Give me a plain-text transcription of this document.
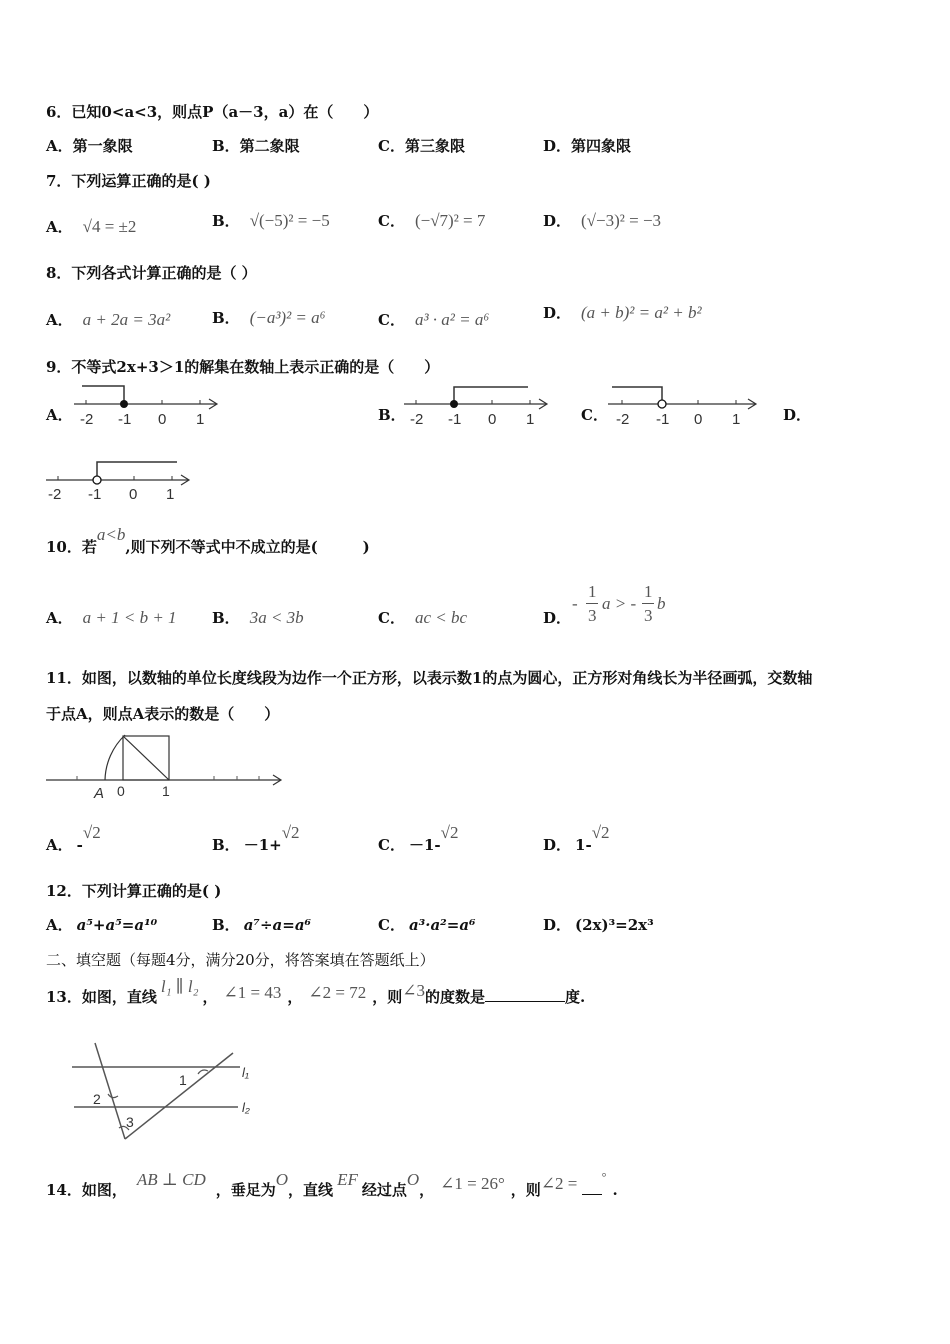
6．已知0<a<3，则点P（a－3，a）在（　　）
A．第一象限	B．第二象限	C．第三象限	D．第四象限
7．下列运算正确的是( )
A． √4 = ±2	B． √(−5)² = −5	C． (−√7)² = 7	D． (√−3)² = −3
8．下列各式计算正确的是（ ）
A． a + 2a = 3a²	B． (−a³)² = a⁶	C． a³ · a² = a⁶	D． (a + b)² = a² + b²
9．不等式2x+3＞1的解集在数轴上表示正确的是（　　）
A． -2 -1 0 1	B． -2 -1 0 1	C． -2 -1 0 1	D．
-2 -1 0 1
10．若a<b,则下列不等式中不成立的是(　　　)
A． a + 1 < b + 1 B． 3a < 3b	C． ac < bc	D．
-
1
3
a > -
1
3
b
11．如图，以数轴的单位长度线段为边作一个正方形，以表示数1的点为圆心，正方形对角线长为半径画弧，交数轴
于点A，则点A表示的数是（　　）
A 0	1
A． -√2
B． －1+√2
C． －1-√2
D． 1-√2
12．下列计算正确的是( )
A． a⁵+a⁵=a¹⁰	B． a⁷÷a=a⁶	C． a³·a²=a⁶	D． (2x)³=2x³
二、填空题（每题4分，满分20分，将答案填在答题纸上）
13．如图，直线l₁ ∥ l₂， ∠1 = 43 ， ∠2 = 72 ，则∠3的度数是	度.
1
2
3
l₁
l₂
14．如图，AB ⊥ CD，垂足为O，直线EF经过点O， ∠1 = 26° ，则∠2 = °.
